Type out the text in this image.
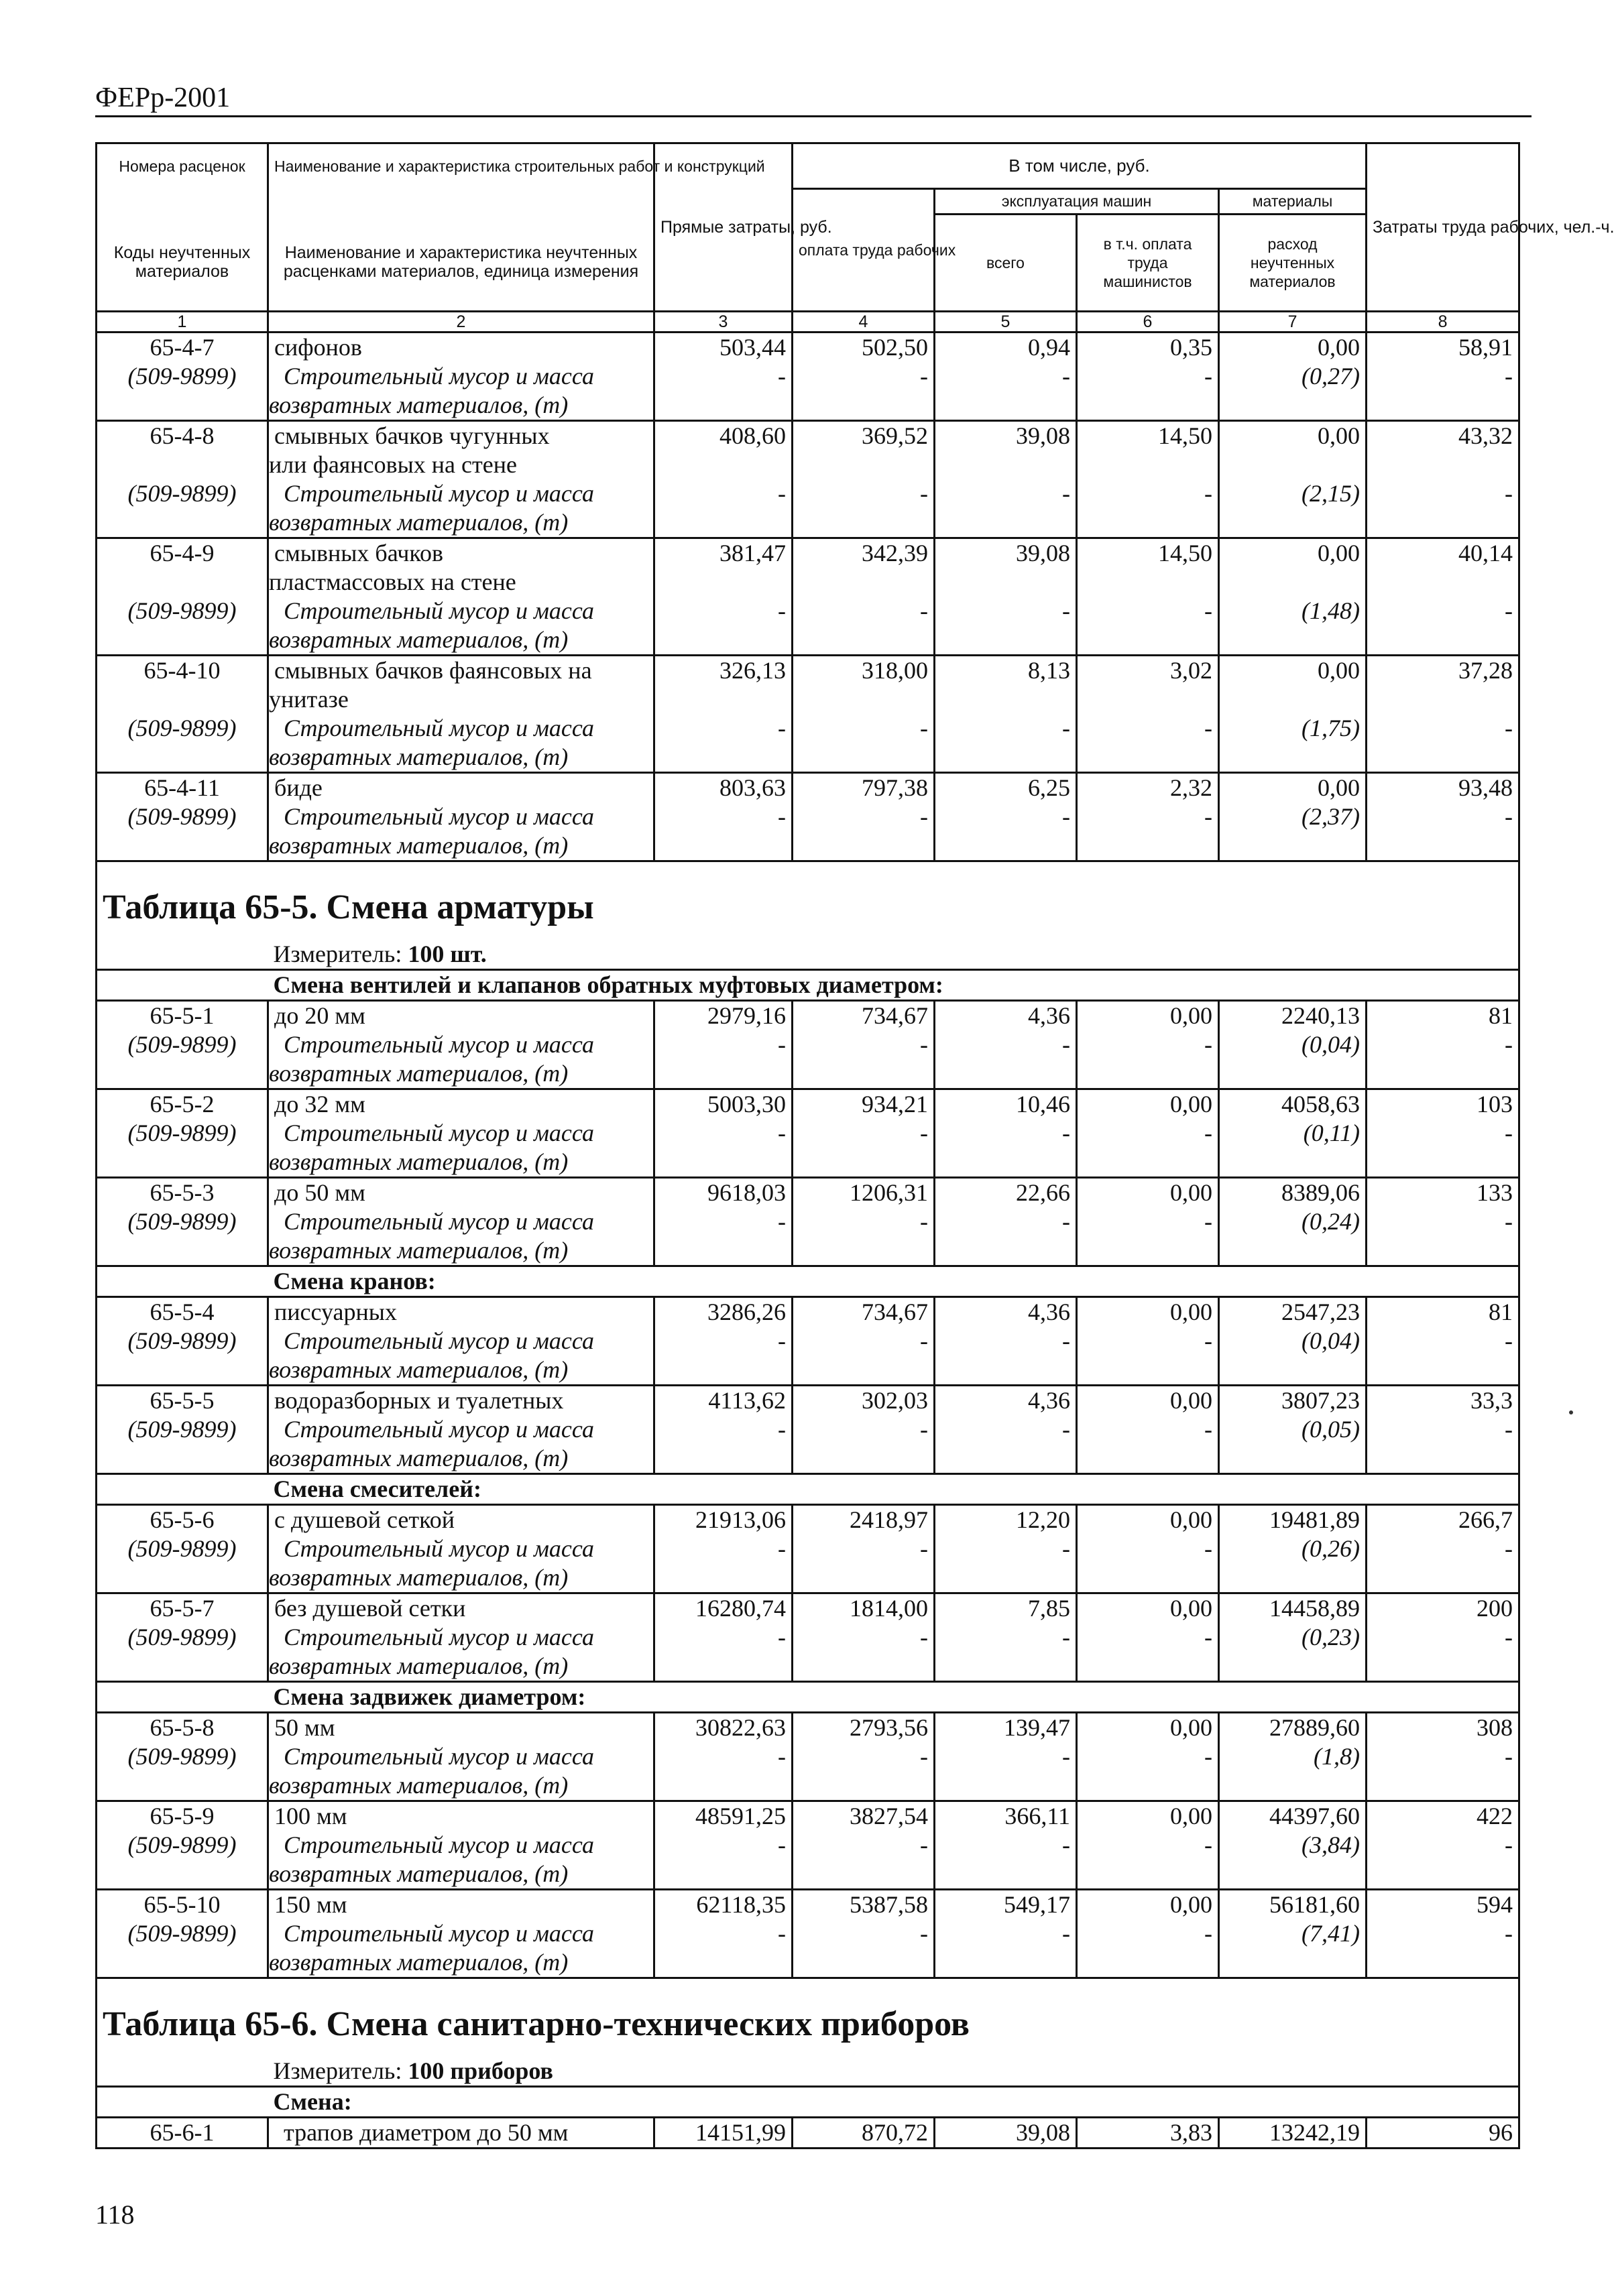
ФЕРр-2001
Номера расценок	Наименование и характеристика строительных работ и конструкций	Прямые затраты, руб.	В том числе, руб.				Затраты труда рабочих, чел.-ч.
			оплата труда рабочих	эксплуатация машин		материалы	
Коды неучтенных материалов	Наименование и характеристика неучтенных расценками материалов, единица измерения			всего	в т.ч. оплата труда машинистов	расход неучтенных материалов	
1	2	3	4	5	6	7	8
65-4-7	сифонов	503,44	502,50	0,94	0,35	0,00	58,91
(509-9899)	Строительный мусор и масса	-	-	-	-	(0,27)	-
	возвратных материалов, (т)						
65-4-8	смывных бачков чугунных	408,60	369,52	39,08	14,50	0,00	43,32
	или фаянсовых на стене						
(509-9899)	Строительный мусор и масса	-	-	-	-	(2,15)	-
	возвратных материалов, (т)						
65-4-9	смывных бачков	381,47	342,39	39,08	14,50	0,00	40,14
	пластмассовых на стене						
(509-9899)	Строительный мусор и масса	-	-	-	-	(1,48)	-
	возвратных материалов, (т)						
65-4-10	смывных бачков фаянсовых на	326,13	318,00	8,13	3,02	0,00	37,28
	унитазе						
(509-9899)	Строительный мусор и масса	-	-	-	-	(1,75)	-
	возвратных материалов, (т)						
65-4-11	биде	803,63	797,38	6,25	2,32	0,00	93,48
(509-9899)	Строительный мусор и масса	-	-	-	-	(2,37)	-
	возвратных материалов, (т)						
Таблица 65-5. Смена арматуры							
	Измеритель: 100 шт.						
	Смена вентилей и клапанов обратных муфтовых диаметром:						
65-5-1	до 20 мм	2979,16	734,67	4,36	0,00	2240,13	81
(509-9899)	Строительный мусор и масса	-	-	-	-	(0,04)	-
	возвратных материалов, (т)						
65-5-2	до 32 мм	5003,30	934,21	10,46	0,00	4058,63	103
(509-9899)	Строительный мусор и масса	-	-	-	-	(0,11)	-
	возвратных материалов, (т)						
65-5-3	до 50 мм	9618,03	1206,31	22,66	0,00	8389,06	133
(509-9899)	Строительный мусор и масса	-	-	-	-	(0,24)	-
	возвратных материалов, (т)						
	Смена кранов:						
65-5-4	писсуарных	3286,26	734,67	4,36	0,00	2547,23	81
(509-9899)	Строительный мусор и масса	-	-	-	-	(0,04)	-
	возвратных материалов, (т)						
65-5-5	водоразборных и туалетных	4113,62	302,03	4,36	0,00	3807,23	33,3
(509-9899)	Строительный мусор и масса	-	-	-	-	(0,05)	-
	возвратных материалов, (т)						
	Смена смесителей:						
65-5-6	с душевой сеткой	21913,06	2418,97	12,20	0,00	19481,89	266,7
(509-9899)	Строительный мусор и масса	-	-	-	-	(0,26)	-
	возвратных материалов, (т)						
65-5-7	без душевой сетки	16280,74	1814,00	7,85	0,00	14458,89	200
(509-9899)	Строительный мусор и масса	-	-	-	-	(0,23)	-
	возвратных материалов, (т)						
	Смена задвижек диаметром:						
65-5-8	50 мм	30822,63	2793,56	139,47	0,00	27889,60	308
(509-9899)	Строительный мусор и масса	-	-	-	-	(1,8)	-
	возвратных материалов, (т)						
65-5-9	100 мм	48591,25	3827,54	366,11	0,00	44397,60	422
(509-9899)	Строительный мусор и масса	-	-	-	-	(3,84)	-
	возвратных материалов, (т)						
65-5-10	150 мм	62118,35	5387,58	549,17	0,00	56181,60	594
(509-9899)	Строительный мусор и масса	-	-	-	-	(7,41)	-
	возвратных материалов, (т)						
Таблица 65-6. Смена санитарно-технических приборов							
	Измеритель: 100 приборов						
	Смена:						
65-6-1	трапов диаметром до 50 мм	14151,99	870,72	39,08	3,83	13242,19	96
118
